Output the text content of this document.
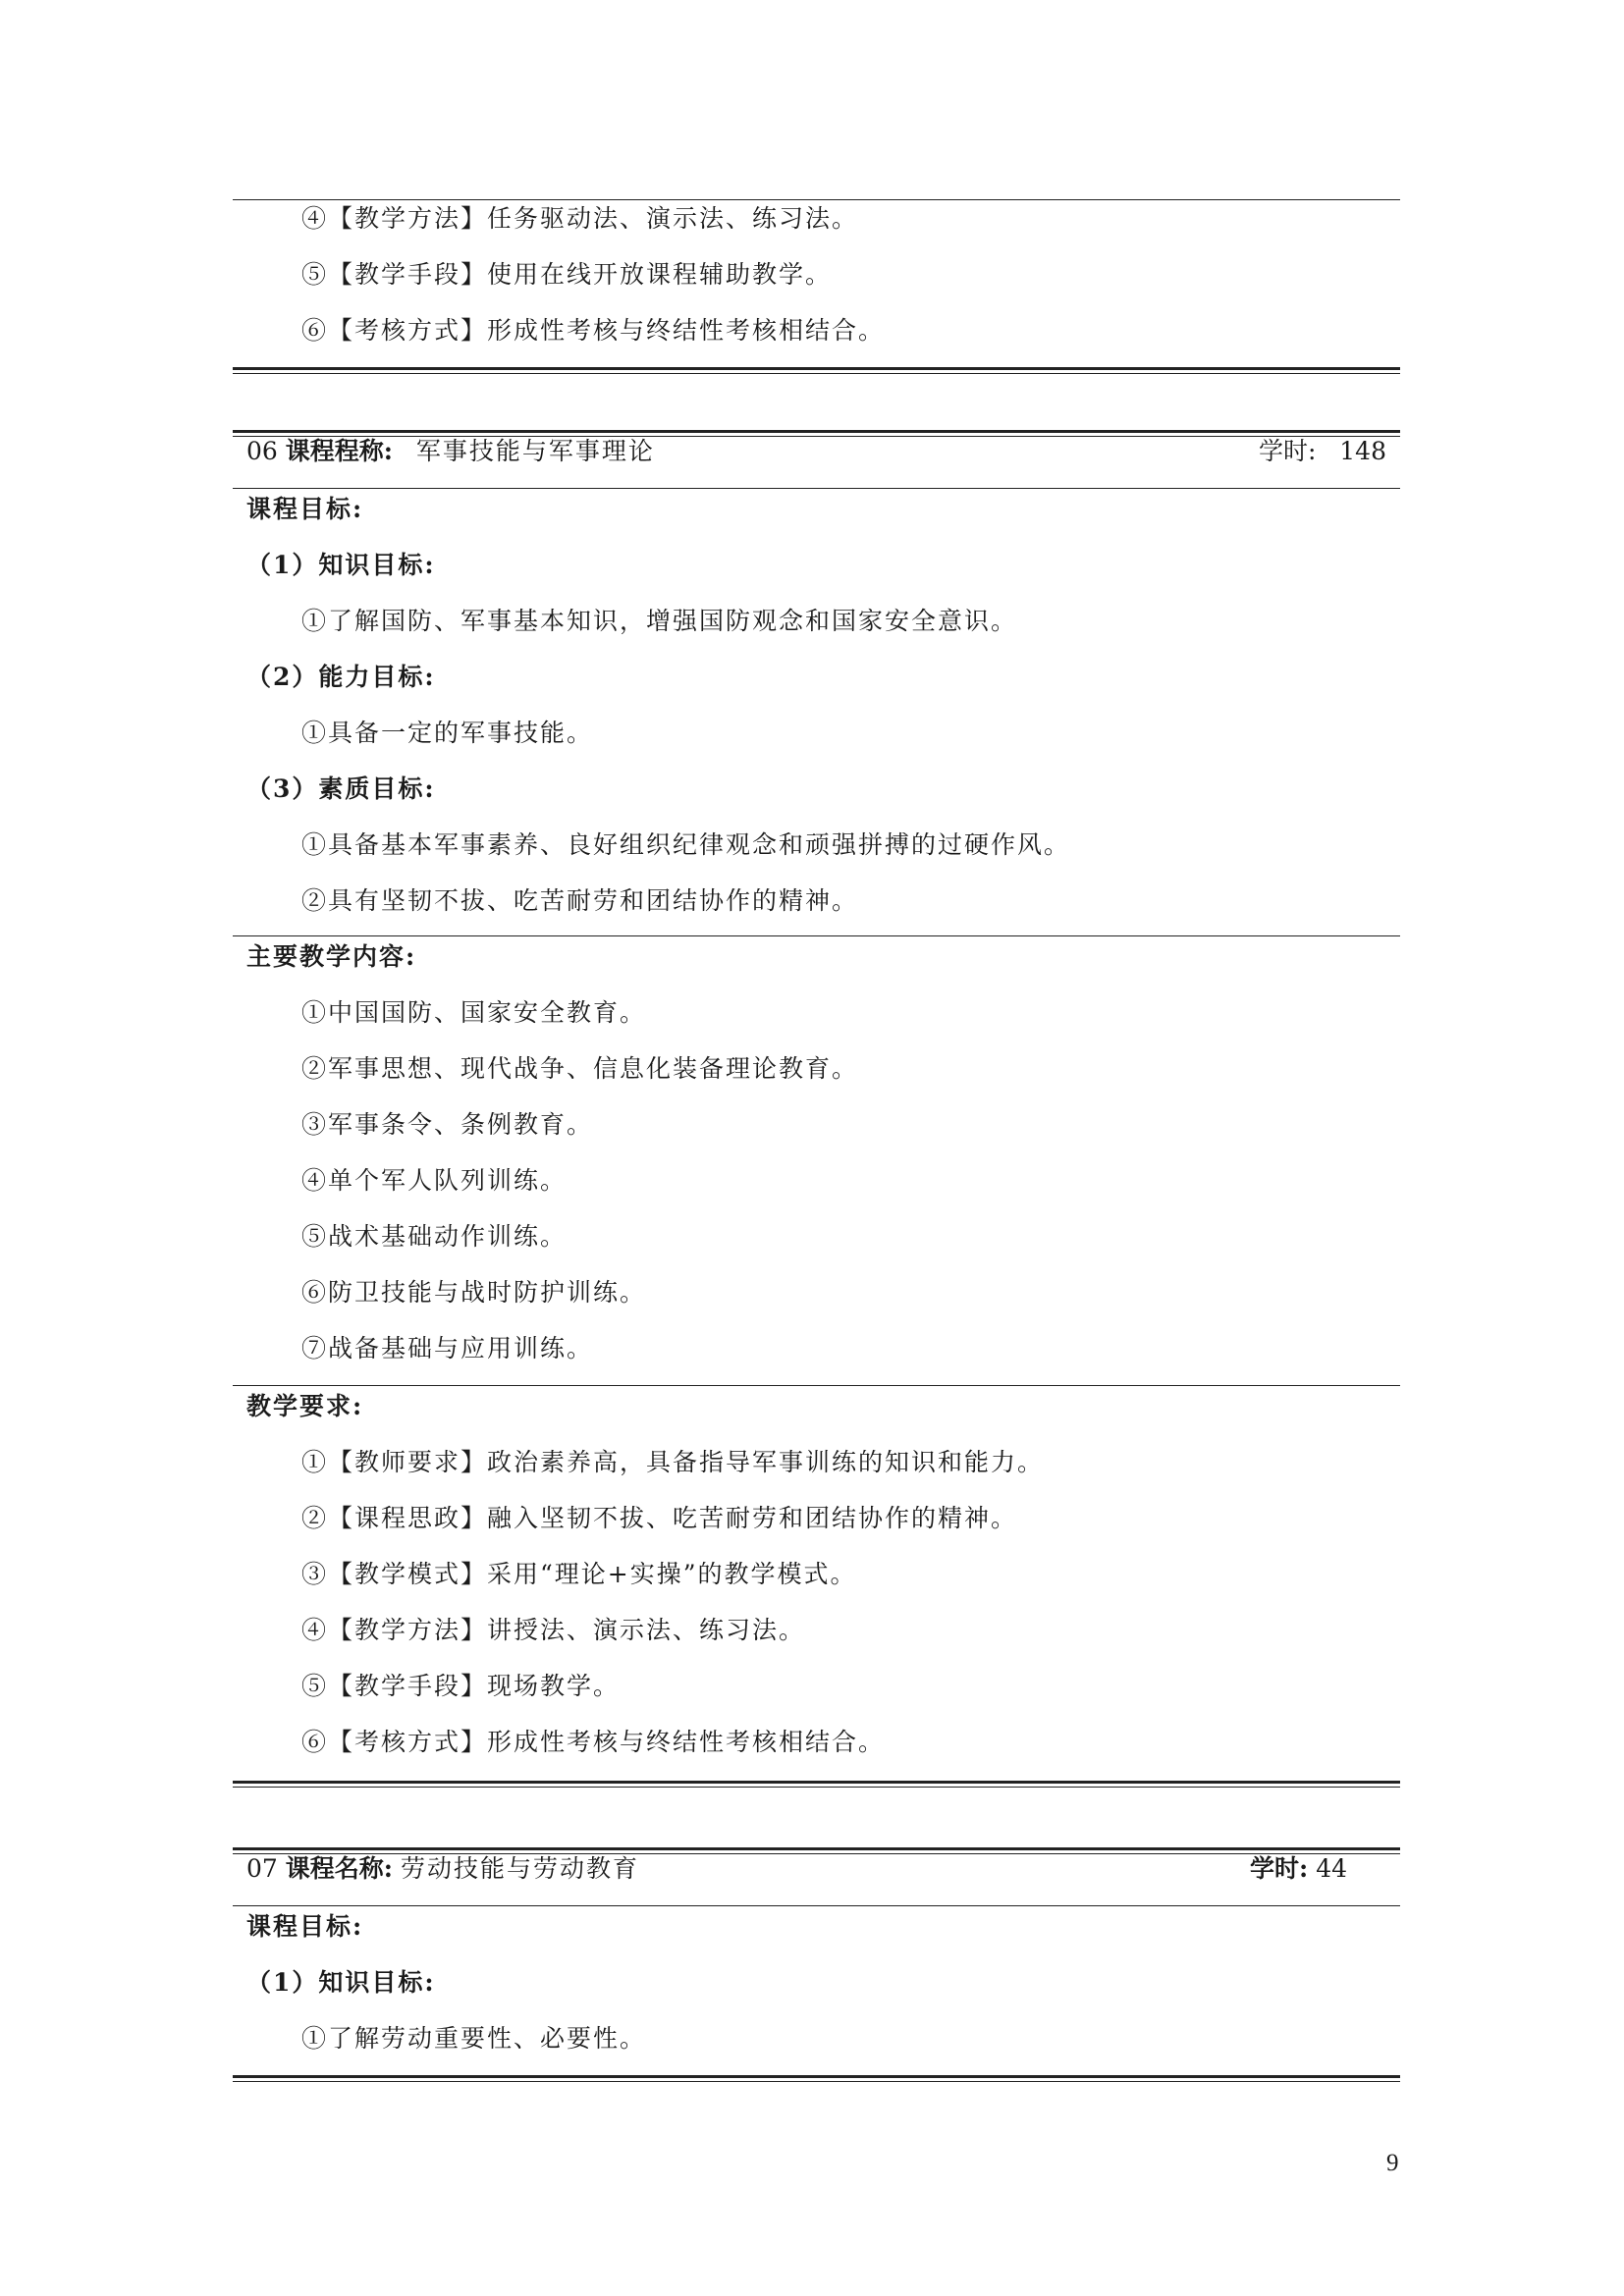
④【教学方法】任务驱动法、演示法、练习法。
⑤【教学手段】使用在线开放课程辅助教学。
⑥【考核方式】形成性考核与终结性考核相结合。
06 课程程称: 军事技能与军事理论	学时: 148
课程目标:
（1）知识目标:
①了解国防、军事基本知识，增强国防观念和国家安全意识。
（2）能力目标:
①具备一定的军事技能。
（3）素质目标:
①具备基本军事素养、良好组织纪律观念和顽强拼搏的过硬作风。
②具有坚韧不拔、吃苦耐劳和团结协作的精神。
主要教学内容:
①中国国防、国家安全教育。
②军事思想、现代战争、信息化装备理论教育。
③军事条令、条例教育。
④单个军人队列训练。
⑤战术基础动作训练。
⑥防卫技能与战时防护训练。
⑦战备基础与应用训练。
教学要求:
①【教师要求】政治素养高，具备指导军事训练的知识和能力。
②【课程思政】融入坚韧不拔、吃苦耐劳和团结协作的精神。
③【教学模式】采用“理论+实操”的教学模式。
④【教学方法】讲授法、演示法、练习法。
⑤【教学手段】现场教学。
⑥【考核方式】形成性考核与终结性考核相结合。
07 课程名称: 劳动技能与劳动教育	学时: 44
课程目标:
（1）知识目标:
①了解劳动重要性、必要性。
9
